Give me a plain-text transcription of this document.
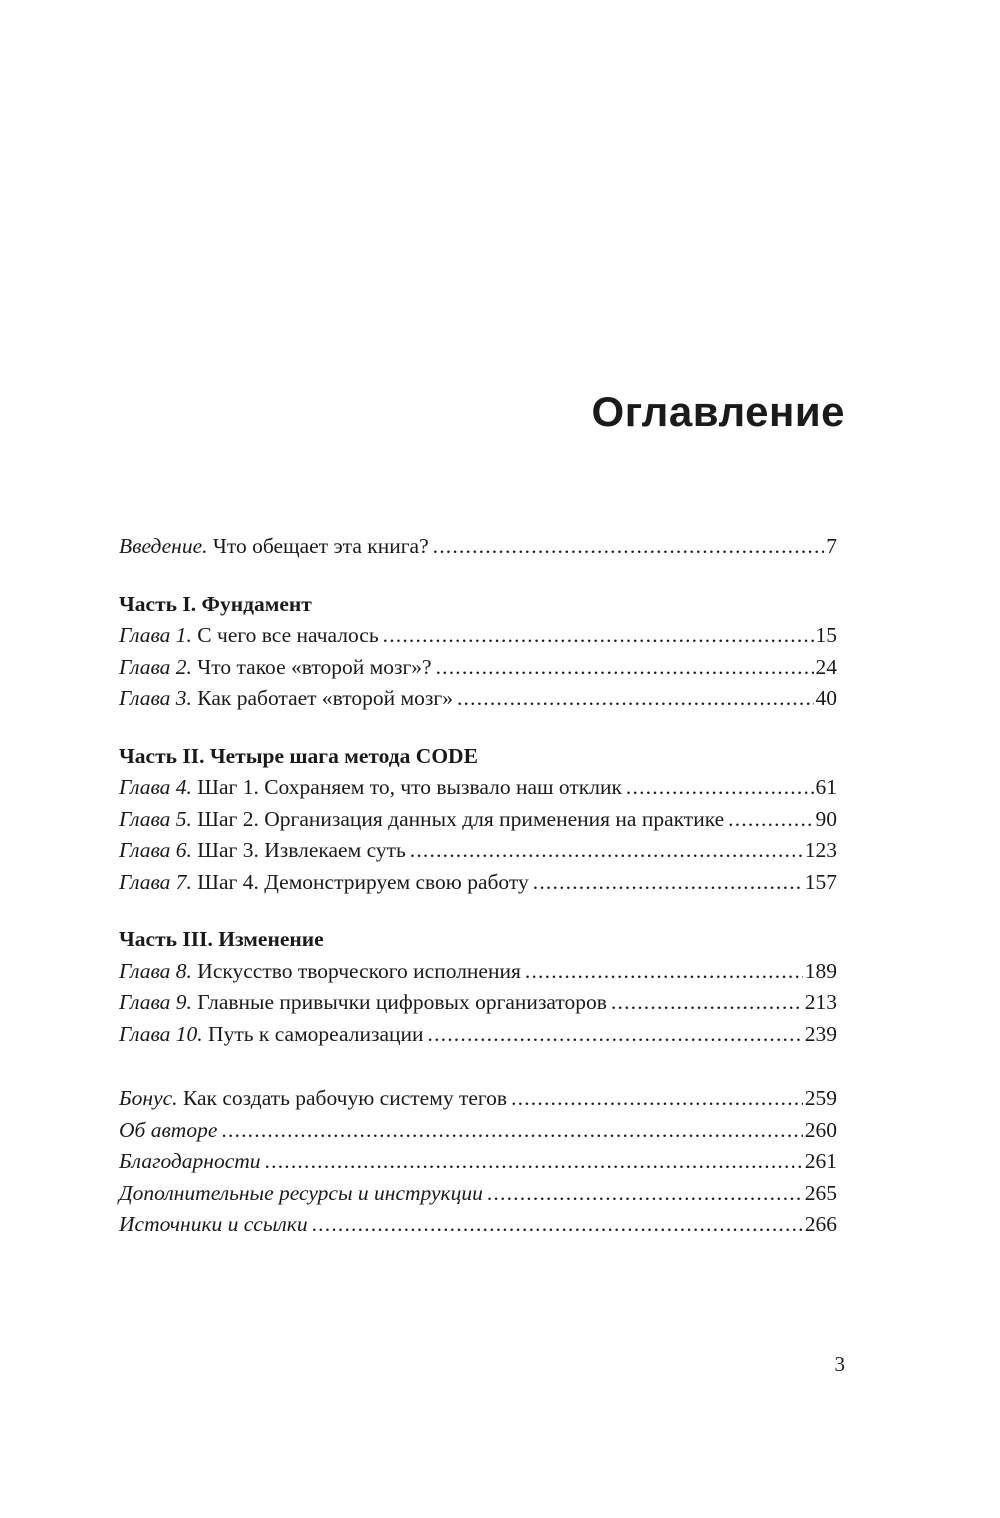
Оглавление
Введение. Что обещает эта книга? .....	7
Часть I. Фундамент
Глава 1. С чего все началось .....	15
Глава 2. Что такое «второй мозг»? .....	24
Глава 3. Как работает «второй мозг» .....	40
Часть II. Четыре шага метода CODE
Глава 4. Шаг 1. Сохраняем то, что вызвало наш отклик .....	61
Глава 5. Шаг 2. Организация данных для применения на практике .....	90
Глава 6. Шаг 3. Извлекаем суть .....	123
Глава 7. Шаг 4. Демонстрируем свою работу .....	157
Часть III. Изменение
Глава 8. Искусство творческого исполнения .....	189
Глава 9. Главные привычки цифровых организаторов .....	213
Глава 10. Путь к самореализации .....	239
Бонус. Как создать рабочую систему тегов .....	259
Об авторе .....	260
Благодарности .....	261
Дополнительные ресурсы и инструкции .....	265
Источники и ссылки .....	266
3
